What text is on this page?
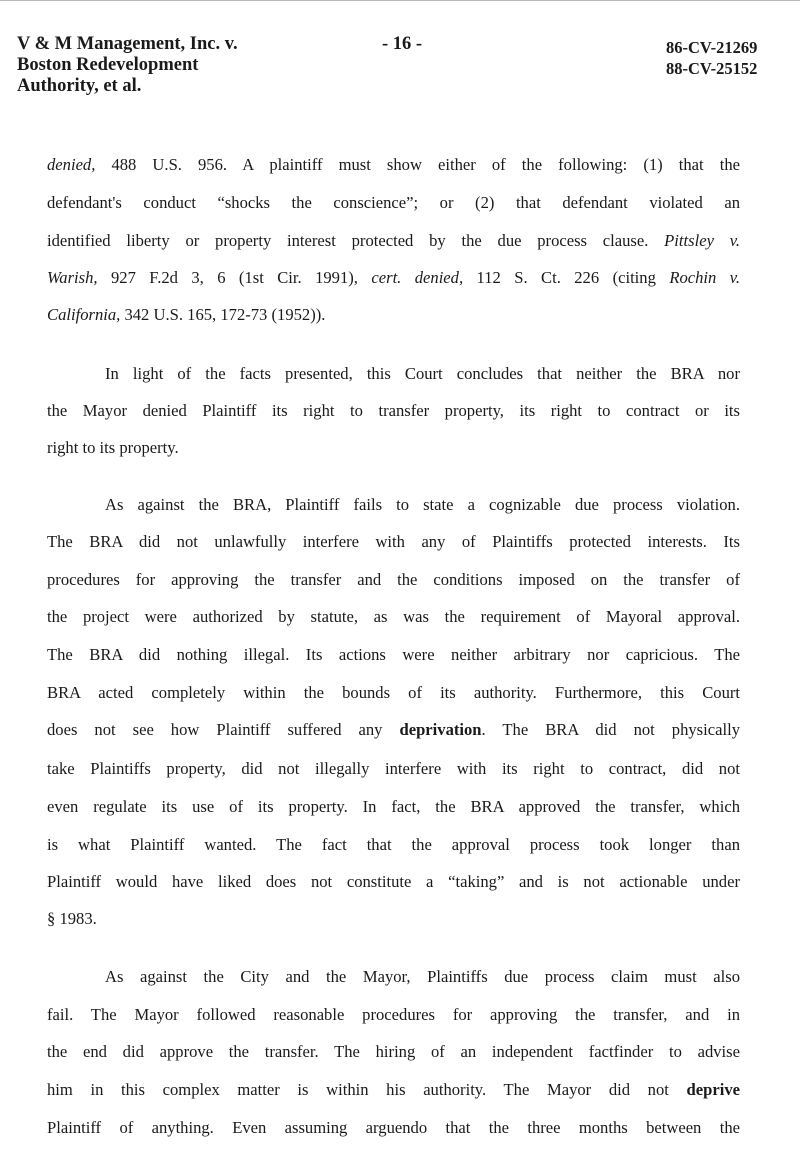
V & M Management, Inc. v.
Boston Redevelopment
Authority, et al.
- 16 -	86-CV-21269
88-CV-25152
denied, 488 U.S. 956. A plaintiff must show either of the following: (1) that the
defendant's conduct “shocks the conscience”; or (2) that defendant violated an
identified liberty or property interest protected by the due process clause. Pittsley v.
Warish, 927 F.2d 3, 6 (1st Cir. 1991), cert. denied, 112 S. Ct. 226 (citing Rochin v.
California, 342 U.S. 165, 172-73 (1952)).
In light of the facts presented, this Court concludes that neither the BRA nor
the Mayor denied Plaintiff its right to transfer property, its right to contract or its
right to its property.
As against the BRA, Plaintiff fails to state a cognizable due process violation.
The BRA did not unlawfully interfere with any of Plaintiffs protected interests. Its
procedures for approving the transfer and the conditions imposed on the transfer of
the project were authorized by statute, as was the requirement of Mayoral approval.
The BRA did nothing illegal. Its actions were neither arbitrary nor capricious. The
BRA acted completely within the bounds of its authority. Furthermore, this Court
does not see how Plaintiff suffered any deprivation. The BRA did not physically
take Plaintiffs property, did not illegally interfere with its right to contract, did not
even regulate its use of its property. In fact, the BRA approved the transfer, which
is what Plaintiff wanted. The fact that the approval process took longer than
Plaintiff would have liked does not constitute a “taking” and is not actionable under
§ 1983.
As against the City and the Mayor, Plaintiffs due process claim must also
fail. The Mayor followed reasonable procedures for approving the transfer, and in
the end did approve the transfer. The hiring of an independent factfinder to advise
him in this complex matter is within his authority. The Mayor did not deprive
Plaintiff of anything. Even assuming arguendo that the three months between the
